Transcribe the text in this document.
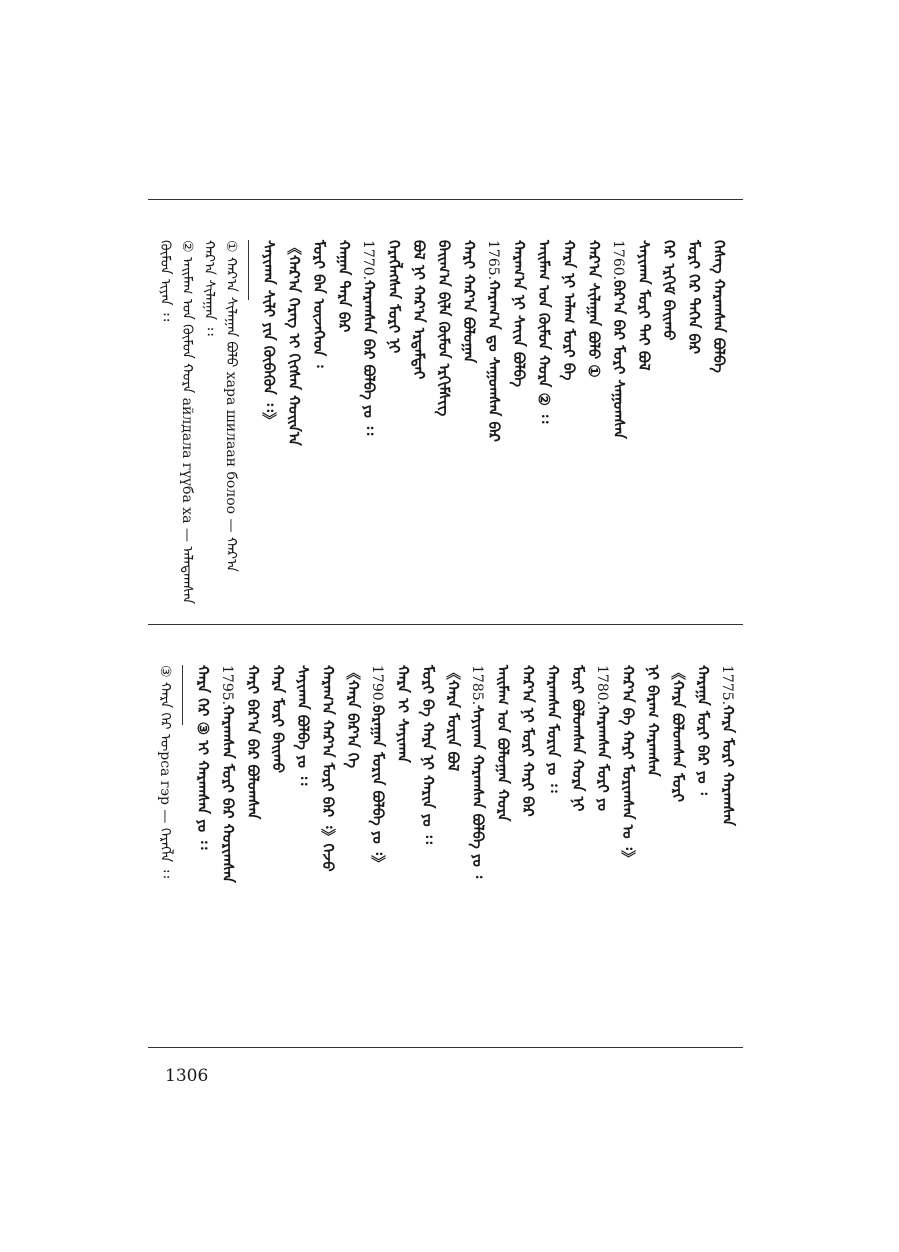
ᠬᠦᠮᠦᠨ ᠢᠶᠡᠨ ᠄᠄ ② ᠠᠢᠮᠠᠭ ᠤᠨ ᠬᠦᠮᠦᠨ ᠬᠤᠷᠠ aйлдaлa гүүба xa — ᠠᠯᠠᠳᠠᠭᠰᠠᠨ ᠬᠠᠷ᠎ᠠ ᠰᠢᠯᠠᠭᠠᠨ ᠄᠄ ① ᠬᠠᠷ᠎ᠠ ᠰᠢᠯᠠᠭᠠᠨ ᠪᠣᠯᠣ xapa шилaaн болоо — ᠬᠠᠷ᠎ᠠ ᠰᠠᠶᠢᠬᠠᠨ ᠰᠢᠯᠢ ᠶᠢᠨ ᠬᠥᠪᠡᠭᠦᠨ ᠄᠄》 《ᠬᠠᠷ᠎ᠠ ᠬᠡᠷᠡᠭ ᠢ ᠬᠢᠭᠰᠡᠨ ᠬᠣᠢᠨ᠎ᠠ ᠮᠣᠷᠢ ᠪᠠᠨ ᠦᠵᠡᠭᠡᠳ ᠄ ᠬᠠᠭᠠᠨ ᠲᠡᠷᠡ ᠪᠡᠷ 1770.ᠬᠠᠷᠠᠭᠰᠠᠨ ᠪᠠᠷ ᠪᠣᠯᠪᠠ ᠶᠣ ᠄᠄ ᠬᠡᠷᠡᠭᠯᠡᠭᠰᠡᠨ ᠮᠣᠷᠢ ᠨᠢ ᠪᠣᠯ ᠨᠢ ᠬᠠᠷ᠎ᠠ ᠡᠷᠳᠡᠮᠲᠡᠶ ᠪᠠᠢᠭ᠎ᠠ ᠪᠢᠯᠡ ᠬᠦᠮᠦᠨ ᠡᠷᠬᠢᠮᠰᠢᠭ ᠬᠠᠷᠢ ᠬᠠᠷ᠎ᠠ ᠪᠣᠯᠣᠭᠠᠨ 1765.ᠬᠠᠷᠠᠭ᠎ᠠ ᠳᠤ ᠰᠠᠭᠤᠭᠰᠠᠨ ᠪᠠᠷ ᠬᠠᠷᠠᠭ᠎ᠠ ᠨᠢ ᠰᠠᠶ᠋ᠢᠨ ᠪᠣᠯᠪᠠ ᠠᠢᠮᠠᠭ ᠤᠨ ᠬᠦᠮᠦᠨ ᠬᠣᠷᠠ ② ᠄᠄ ᠬᠠᠷᠠ ᠨᠢ ᠠᠯᠠᠭ ᠮᠣᠷᠢ ᠪᠠ ᠬᠠᠷ᠎ᠠ ᠰᠢᠯᠠᠭᠠᠨ ᠪᠣᠯᠣ ① 1760.ᠪᠠᠷ᠎ᠠ ᠪᠠᠷ ᠮᠣᠷᠢ ᠰᠠᠭᠤᠭᠰᠠᠨ ᠰᠠᠶᠢᠬᠠᠨ ᠮᠣᠷᠢ ᠲᠠᠢ ᠪᠣᠯ ᠭᠡᠷ ᠡᠷᠬᠢᠮ ᠪᠠᠢᠬᠤ ᠮᠣᠷᠢ ᠭᠡᠷ ᠲᠡᠭᠡᠨ ᠪᠠᠷ ᠬᠡᠰᠡᠭ ᠬᠠᠷᠠᠭᠰᠠᠨ ᠪᠣᠯᠪᠠ
③ ᠬᠠᠷᠠ ᠭᠡᠷ ᠦрсa гэр — ᠬᠡᠷᠡᠭᠯᠡ ᠄᠄ ᠬᠠᠷᠠ ᠭᠡᠷ ③ ᠢ ᠬᠠᠷᠠᠭᠰᠠᠨ ᠶᠣ ᠄᠄ 1795.ᠬᠠᠷᠠᠭᠰᠠᠨ ᠮᠣᠷᠢ ᠪᠠᠷ ᠬᠣᠷᠢᠭᠰᠠᠨ ᠬᠠᠷᠢ ᠪᠠᠷ᠎ᠠ ᠪᠠᠷ ᠪᠣᠯᠣᠭᠰᠠᠨ ᠬᠠᠷᠠ ᠮᠣᠷᠢ ᠪᠠᠢᠬᠤ ᠰᠠᠶᠢᠬᠠᠨ ᠪᠣᠯᠪᠠ ᠶᠣ ᠄᠄ ᠬᠠᠷᠠᠭ᠎ᠠ ᠬᠠᠷ᠎ᠠ ᠮᠣᠷᠢ ᠪᠠᠷ ᠄》ᠭᠡᠵᠦ 《ᠬᠠᠷᠠ ᠪᠠᠷ᠎ᠠ ᠭᠡ 1790.ᠪᠠᠷᠠᠭᠠᠨ ᠮᠣᠷᠢᠨ ᠪᠣᠯᠪᠠ ᠶᠣ ᠄》 ᠬᠠᠷᠠ ᠢ ᠰᠠᠶᠢᠬᠠᠨ ᠮᠣᠷᠢ ᠪᠡ ᠬᠠᠷᠠ ᠨᠢ ᠬᠠᠷᠢᠨ ᠶᠣ ᠄᠄ 《ᠬᠠᠷᠠ ᠮᠣᠷᠢᠨ ᠪᠣᠯ 1785.ᠰᠠᠶᠢᠬᠠᠨ ᠬᠠᠷᠠᠭᠰᠠᠨ ᠪᠣᠯᠪᠠ ᠶᠣ ᠄ ᠠᠢᠮᠠᠭ ᠤᠨ ᠪᠣᠯᠣᠭᠠᠨ ᠬᠣᠷᠠ ᠬᠠᠷ᠎ᠠ ᠨᠢ ᠮᠣᠷᠢ ᠬᠠᠷᠢ ᠪᠠᠷ ᠬᠠᠷᠠᠭᠰᠠᠨ ᠮᠣᠷᠢᠨ ᠶᠣ ᠄᠄ ᠮᠣᠷᠢ ᠪᠣᠯᠣᠭᠰᠠᠨ ᠬᠣᠷᠠ ᠨᠢ 1780.ᠬᠠᠷᠠᠭᠰᠠᠨ ᠮᠣᠷᠢ ᠶᠣ ᠬᠠᠷ᠎ᠠ ᠪᠠ ᠬᠠᠷᠢ ᠮᠣᠷᠢᠭᠰᠠᠨ ᠤ ᠄》 ᠨᠢ ᠪᠠᠷᠠᠭ ᠬᠠᠷᠠᠭᠰᠠᠨ 《ᠬᠠᠷᠠ ᠪᠣᠯᠣᠭᠰᠠᠨ ᠮᠣᠷᠢ ᠬᠠᠷᠠᠭᠠ ᠮᠣᠷᠢ ᠪᠠᠷ ᠶᠣ ᠄ 1775.ᠬᠠᠷᠠ ᠮᠣᠷᠢ ᠬᠠᠷᠠᠭᠰᠠᠨ
1306
